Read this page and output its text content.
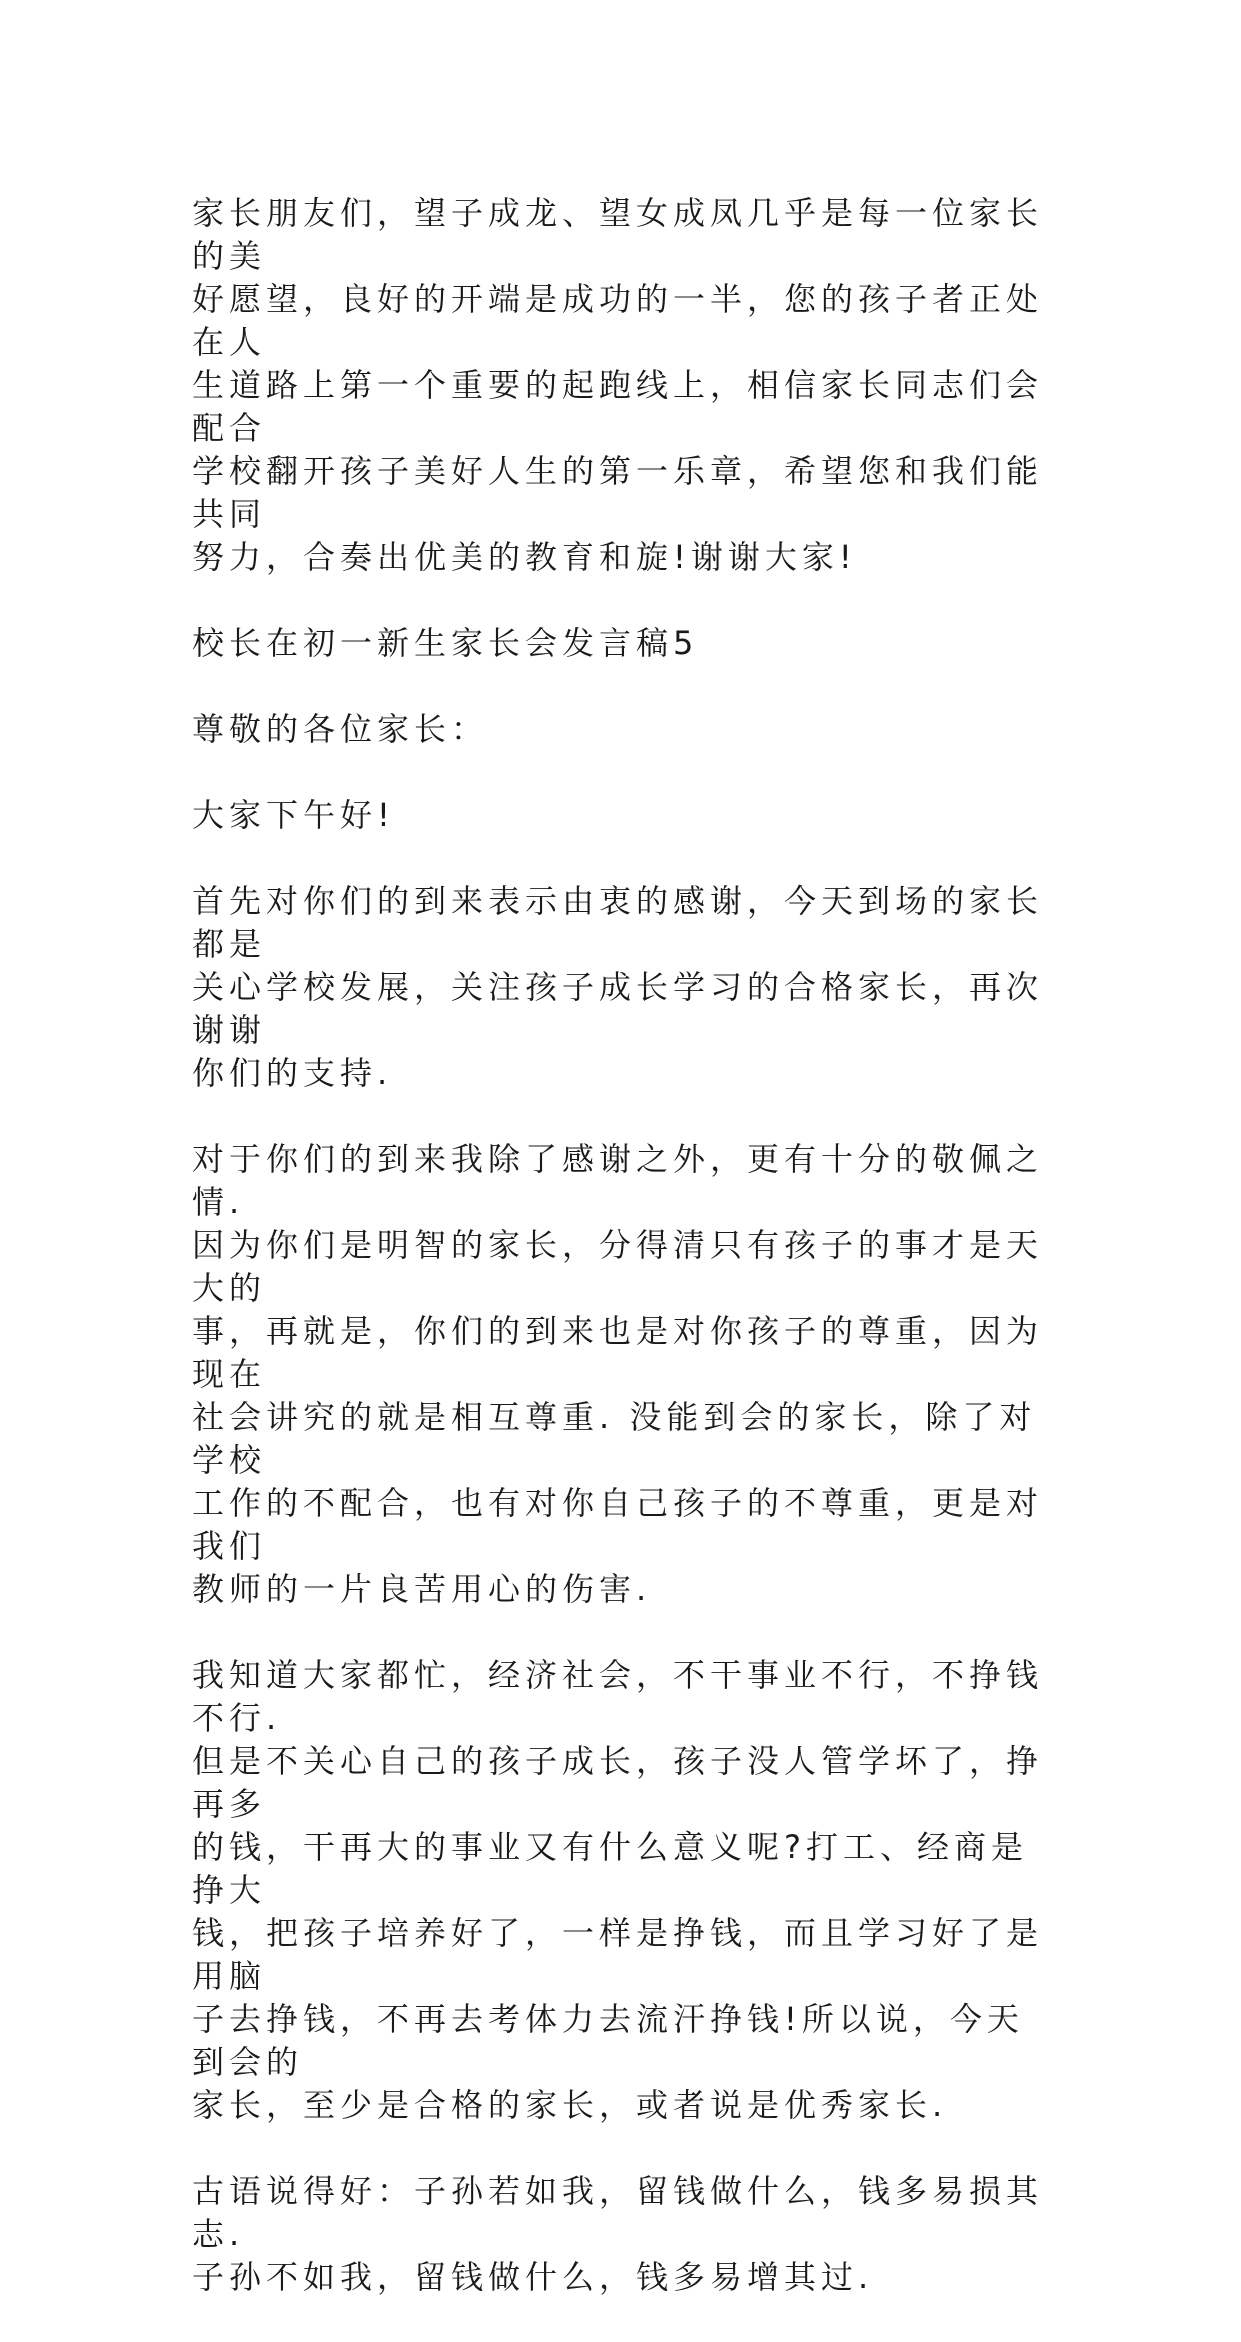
家长朋友们，望子成龙、望女成凤几乎是每一位家长的美
好愿望，良好的开端是成功的一半，您的孩子者正处在人
生道路上第一个重要的起跑线上，相信家长同志们会配合
学校翻开孩子美好人生的第一乐章，希望您和我们能共同
努力，合奏出优美的教育和旋!谢谢大家!

校长在初一新生家长会发言稿5

尊敬的各位家长：

大家下午好!

首先对你们的到来表示由衷的感谢，今天到场的家长都是
关心学校发展，关注孩子成长学习的合格家长，再次谢谢
你们的支持.

对于你们的到来我除了感谢之外，更有十分的敬佩之情.
因为你们是明智的家长，分得清只有孩子的事才是天大的
事，再就是，你们的到来也是对你孩子的尊重，因为现在
社会讲究的就是相互尊重. 没能到会的家长，除了对学校
工作的不配合，也有对你自己孩子的不尊重，更是对我们
教师的一片良苦用心的伤害.

我知道大家都忙，经济社会，不干事业不行，不挣钱不行.
但是不关心自己的孩子成长，孩子没人管学坏了，挣再多
的钱，干再大的事业又有什么意义呢?打工、经商是挣大
钱，把孩子培养好了，一样是挣钱，而且学习好了是用脑
子去挣钱，不再去考体力去流汗挣钱!所以说，今天到会的
家长，至少是合格的家长，或者说是优秀家长.

古语说得好：子孙若如我，留钱做什么，钱多易损其志.
子孙不如我，留钱做什么，钱多易增其过.
